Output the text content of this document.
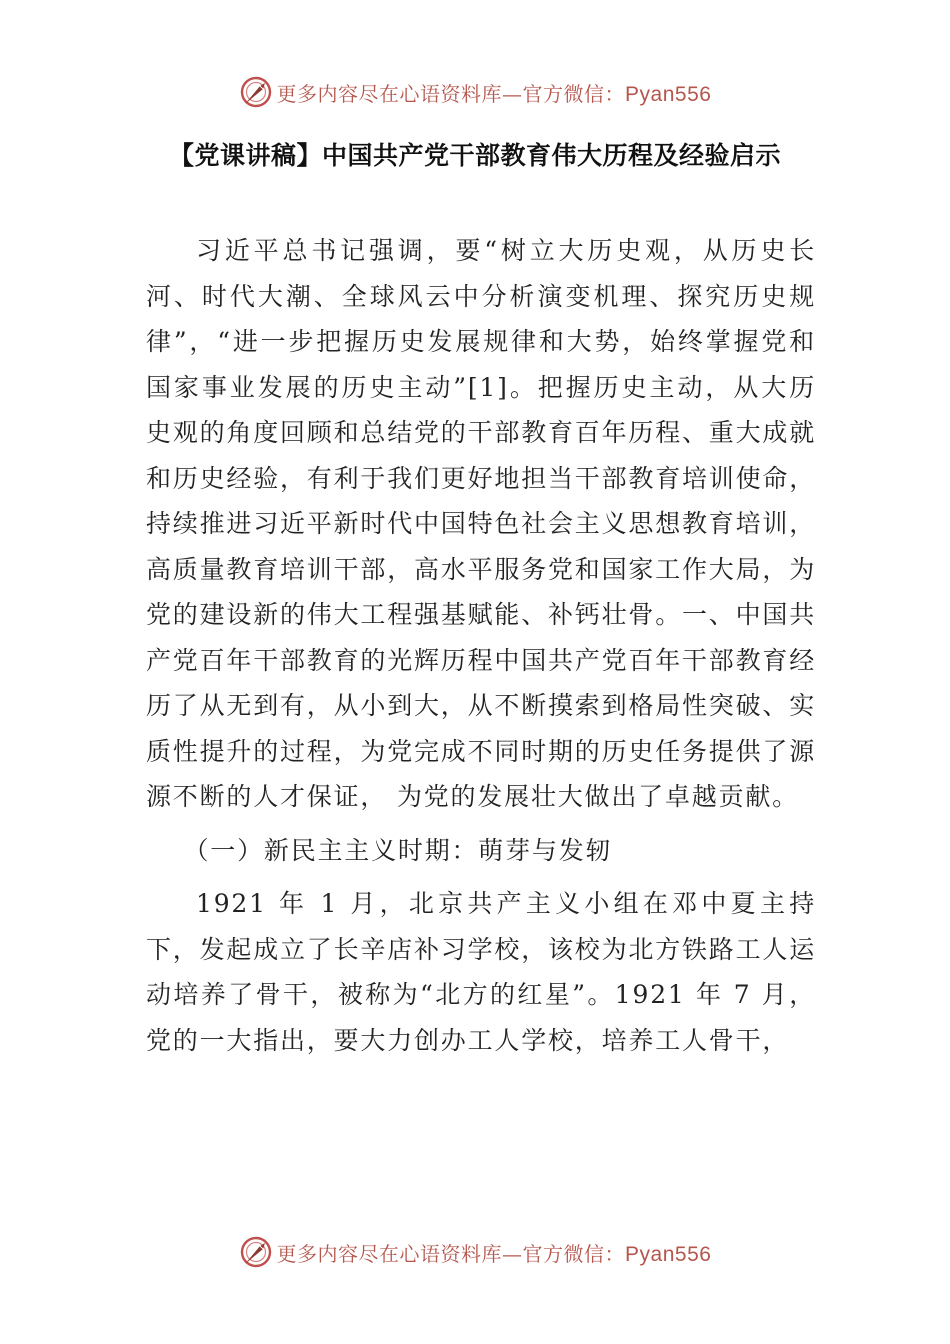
更多内容尽在心语资料库—官方微信：Pyan556
【党课讲稿】中国共产党干部教育伟大历程及经验启示

习近平总书记强调，要“树立大历史观，从历史长河、时代大潮、全球风云中分析演变机理、探究历史规律”，“进一步把握历史发展规律和大势，始终掌握党和国家事业发展的历史主动”[1]。把握历史主动，从大历史观的角度回顾和总结党的干部教育百年历程、重大成就和历史经验，有利于我们更好地担当干部教育培训使命，持续推进习近平新时代中国特色社会主义思想教育培训，高质量教育培训干部，高水平服务党和国家工作大局，为党的建设新的伟大工程强基赋能、补钙壮骨。一、中国共产党百年干部教育的光辉历程中国共产党百年干部教育经历了从无到有，从小到大，从不断摸索到格局性突破、实质性提升的过程，为党完成不同时期的历史任务提供了源源不断的人才保证， 为党的发展壮大做出了卓越贡献。

（一）新民主主义时期：萌芽与发轫

1921 年 1 月，北京共产主义小组在邓中夏主持下，发起成立了长辛店补习学校，该校为北方铁路工人运动培养了骨干，被称为“北方的红星”。1921 年 7 月，党的一大指出，要大力创办工人学校，培养工人骨干，

更多内容尽在心语资料库—官方微信：Pyan556
